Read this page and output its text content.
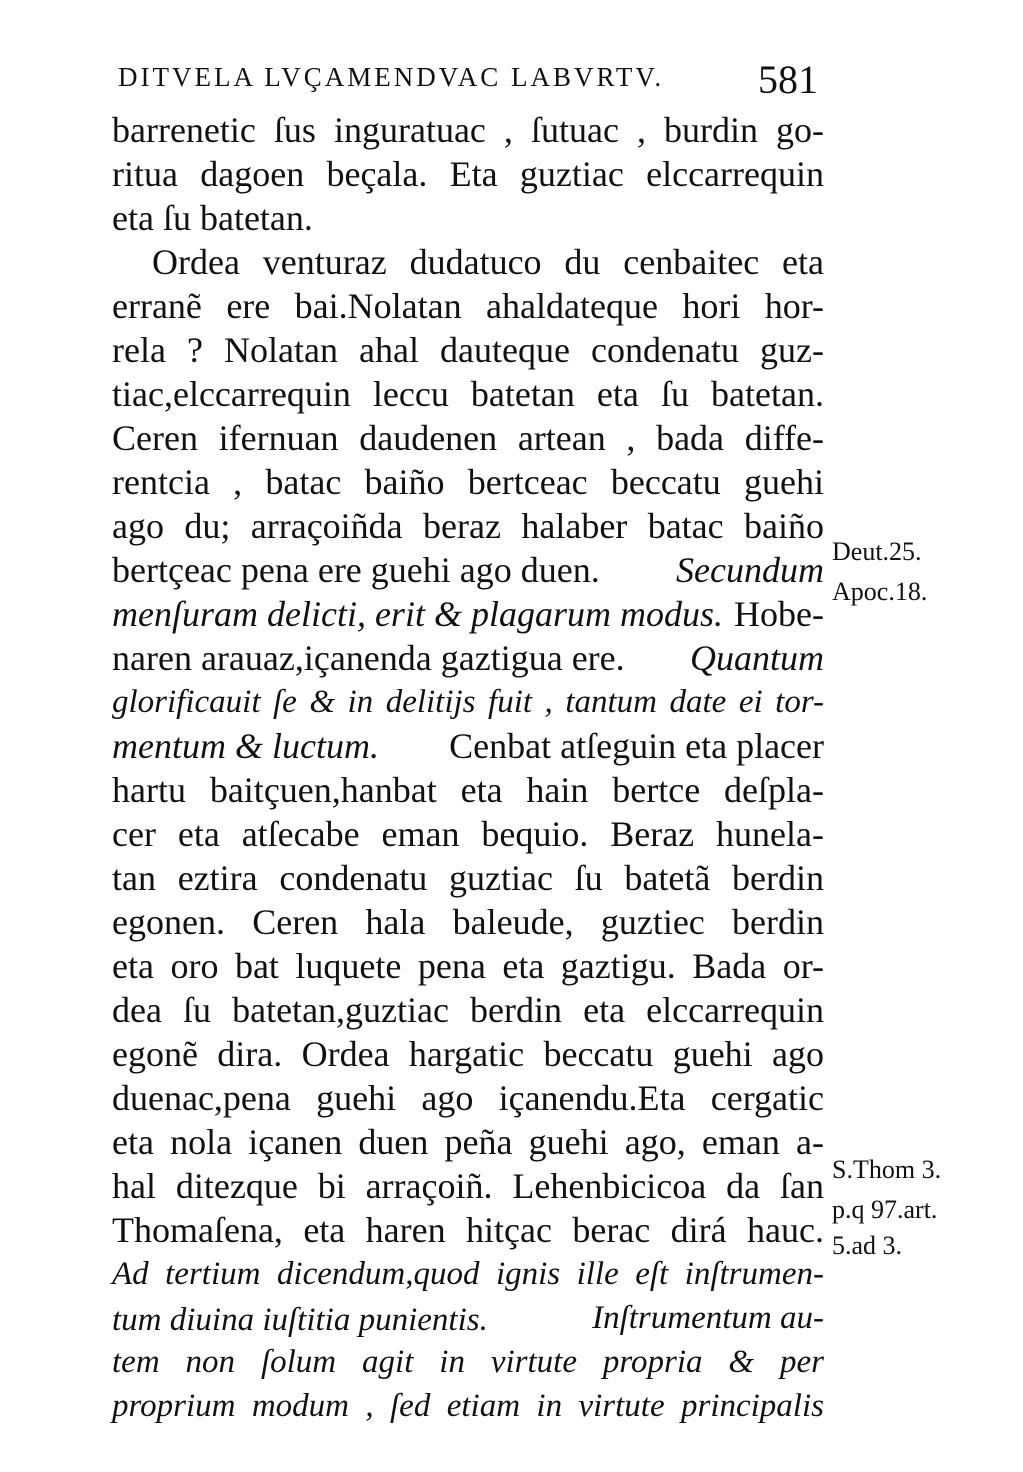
DITVELA LVÇAMENDVAC LABVRTV. 581
barrenetic ſus inguratuac , ſutuac , burdin go-
ritua dagoen beçala. Eta guztiac elccarrequin
eta ſu batetan.
Ordea venturaz dudatuco du cenbaitec eta
erranẽ ere bai.Nolatan ahaldateque hori hor-
rela ? Nolatan ahal dauteque condenatu guz-
tiac,elccarrequin leccu batetan eta ſu batetan.
Ceren ifernuan daudenen artean , bada diffe-
rentcia , batac baiño bertceac beccatu guehi
ago du; arraçoiñda beraz halaber batac baiño
bertçeac pena ere guehi ago duen. Secundum
menſuram delicti, erit & plagarum modus. Hobe-
naren arauaz,içanenda gaztigua ere. Quantum
glorificauit ſe & in delitijs fuit , tantum date ei tor-
mentum & luctum. Cenbat atſeguin eta placer
hartu baitçuen,hanbat eta hain bertce deſpla-
cer eta atſecabe eman bequio. Beraz hunela-
tan eztira condenatu guztiac ſu batetã berdin
egonen. Ceren hala baleude, guztiec berdin
eta oro bat luquete pena eta gaztigu. Bada or-
dea ſu batetan,guztiac berdin eta elccarrequin
egonẽ dira. Ordea hargatic beccatu guehi ago
duenac,pena guehi ago içanendu.Eta cergatic
eta nola içanen duen peña guehi ago, eman a-
hal ditezque bi arraçoiñ. Lehenbicicoa da ſan
Thomaſena, eta haren hitçac berac dirá hauc.
Ad tertium dicendum,quod ignis ille eſt inſtrumen-
tum diuina iuſtitia punientis.	Inſtrumentum au-
tem non ſolum agit in virtute propria & per
proprium modum , ſed etiam in virtute principalis
Deut.25.
Apoc.18.
S.Thom 3.
p.q 97.art.
5.ad 3.
